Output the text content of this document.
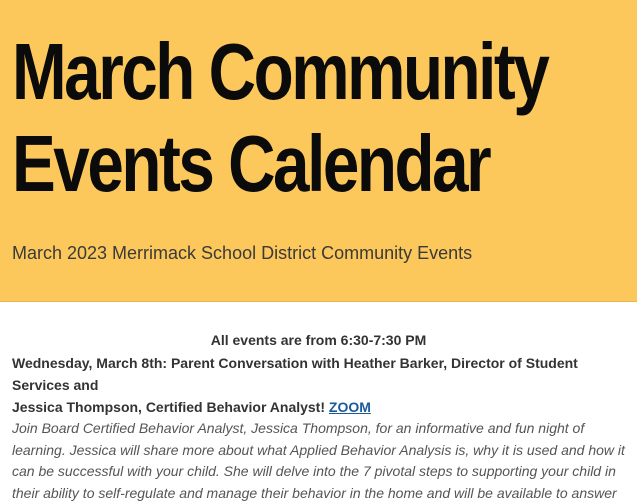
March Community
Events Calendar

March 2023 Merrimack School District Community Events

All events are from 6:30-7:30 PM

Wednesday, March 8th: Parent Conversation with Heather Barker, Director of Student Services and
Jessica Thompson, Certified Behavior Analyst! ZOOM

Join Board Certified Behavior Analyst, Jessica Thompson, for an informative and fun night of
learning. Jessica will share more about what Applied Behavior Analysis is, why it is used and how it
can be successful with your child. She will delve into the 7 pivotal steps to supporting your child in
their ability to self-regulate and manage their behavior in the home and will be available to answer
